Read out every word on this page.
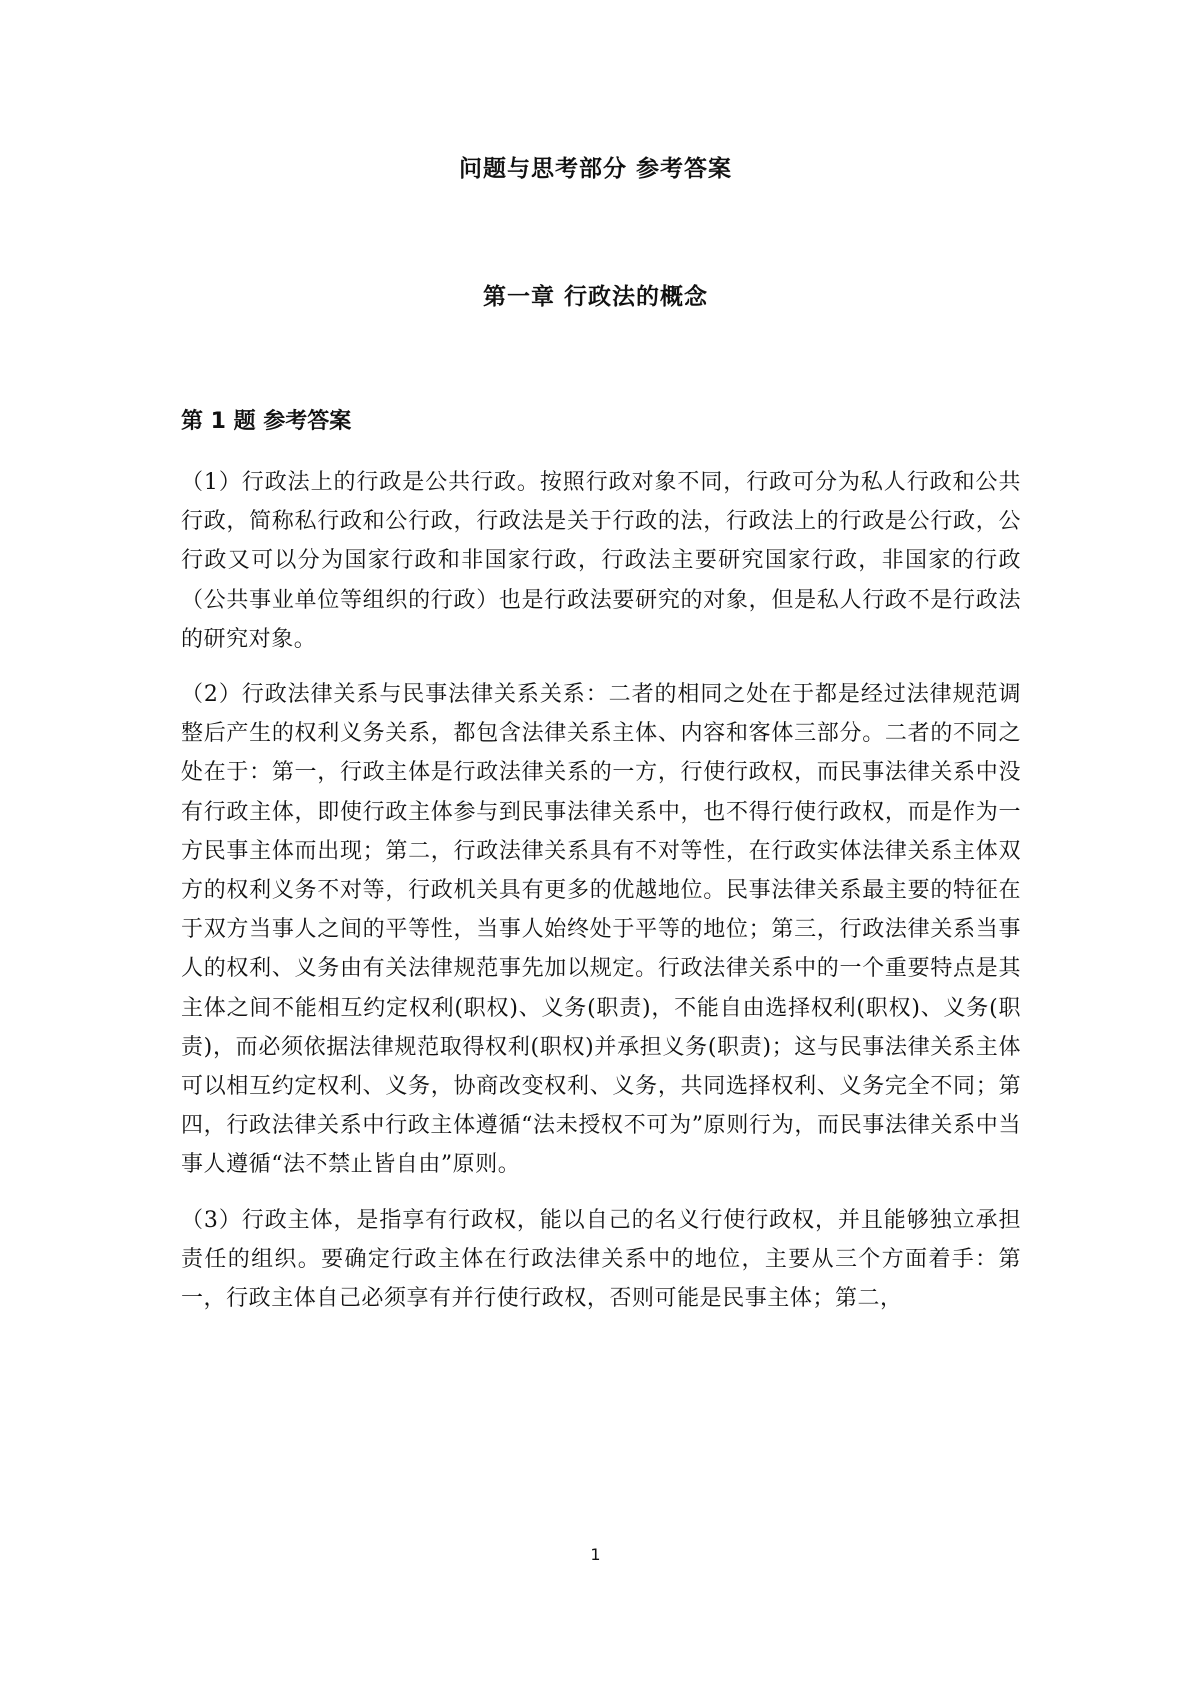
问题与思考部分 参考答案
第一章 行政法的概念
第 1 题 参考答案

（1）行政法上的行政是公共行政。按照行政对象不同，行政可分为私人行政和公共行政，简称私行政和公行政，行政法是关于行政的法，行政法上的行政是公行政，公行政又可以分为国家行政和非国家行政，行政法主要研究国家行政，非国家的行政（公共事业单位等组织的行政）也是行政法要研究的对象，但是私人行政不是行政法的研究对象。

（2）行政法律关系与民事法律关系关系：二者的相同之处在于都是经过法律规范调整后产生的权利义务关系，都包含法律关系主体、内容和客体三部分。二者的不同之处在于：第一，行政主体是行政法律关系的一方，行使行政权，而民事法律关系中没有行政主体，即使行政主体参与到民事法律关系中，也不得行使行政权，而是作为一方民事主体而出现；第二，行政法律关系具有不对等性，在行政实体法律关系主体双方的权利义务不对等，行政机关具有更多的优越地位。民事法律关系最主要的特征在于双方当事人之间的平等性，当事人始终处于平等的地位；第三，行政法律关系当事人的权利、义务由有关法律规范事先加以规定。行政法律关系中的一个重要特点是其主体之间不能相互约定权利(职权)、义务(职责)，不能自由选择权利(职权)、义务(职责)，而必须依据法律规范取得权利(职权)并承担义务(职责)；这与民事法律关系主体可以相互约定权利、义务，协商改变权利、义务，共同选择权利、义务完全不同；第四，行政法律关系中行政主体遵循“法未授权不可为”原则行为，而民事法律关系中当事人遵循“法不禁止皆自由”原则。

（3）行政主体，是指享有行政权，能以自己的名义行使行政权，并且能够独立承担责任的组织。要确定行政主体在行政法律关系中的地位，主要从三个方面着手：第一，行政主体自己必须享有并行使行政权，否则可能是民事主体；第二，

1
